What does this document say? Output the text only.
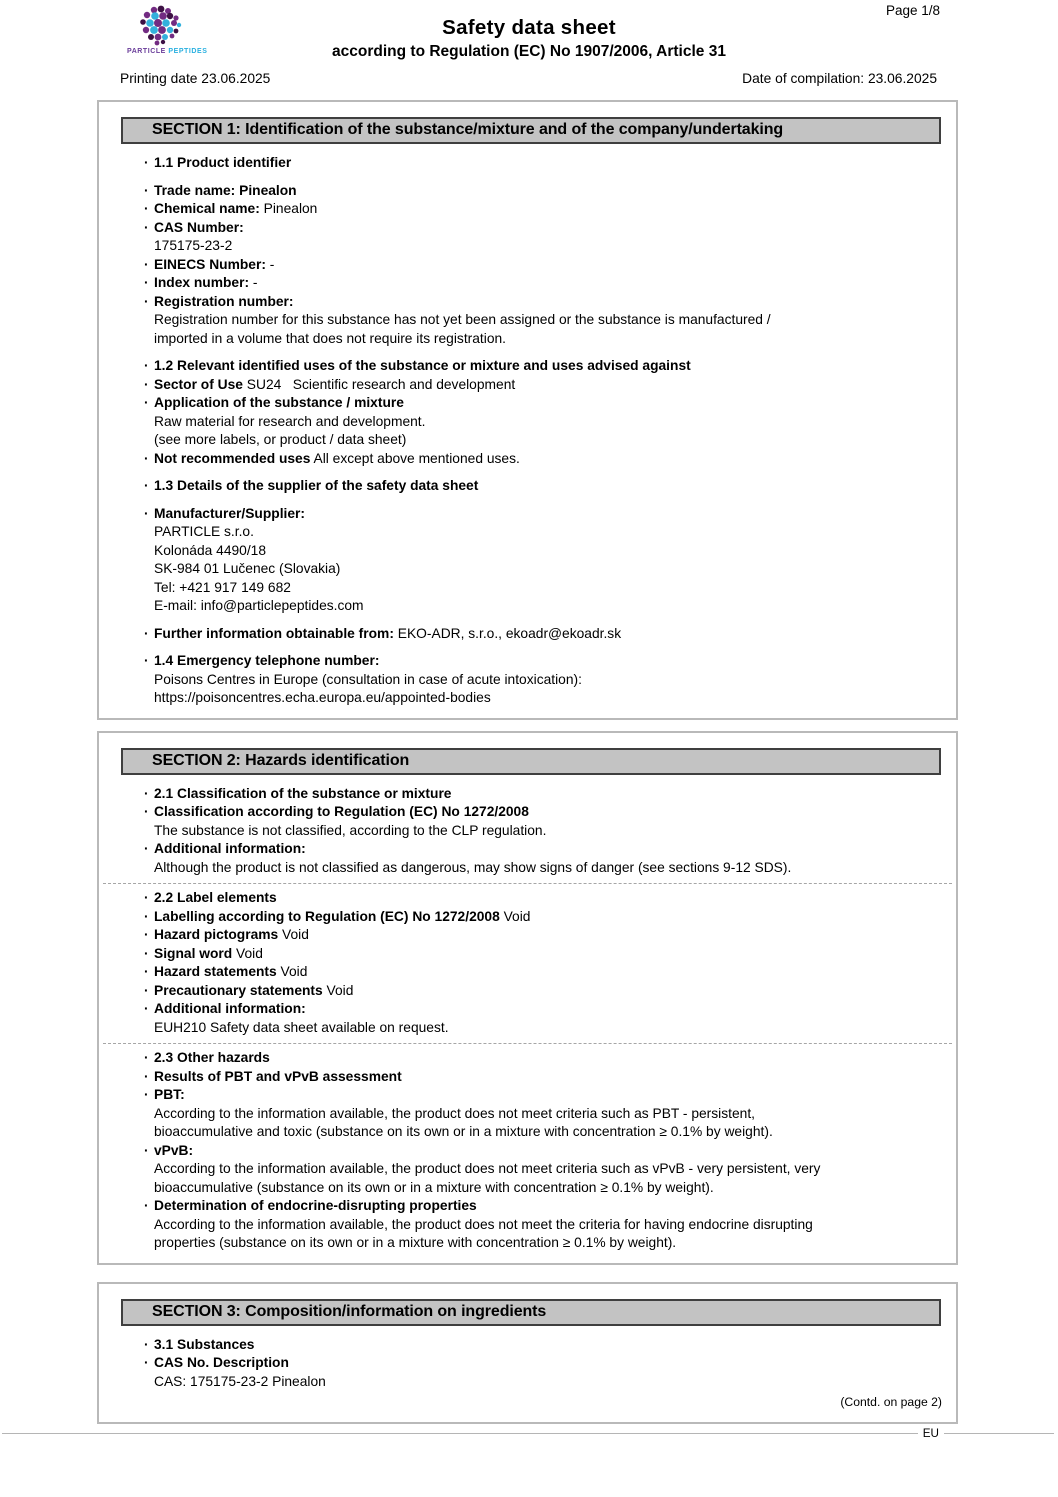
Page 1/8
PARTICLE PEPTIDES
Safety data sheet
according to Regulation (EC) No 1907/2006, Article 31
Printing date 23.06.2025	Date of compilation: 23.06.2025
SECTION 1: Identification of the substance/mixture and of the company/undertaking
· 1.1 Product identifier
· Trade name: Pinealon
· Chemical name: Pinealon
· CAS Number:
175175-23-2
· EINECS Number: -
· Index number: -
· Registration number:
Registration number for this substance has not yet been assigned or the substance is manufactured /
imported in a volume that does not require its registration.
· 1.2 Relevant identified uses of the substance or mixture and uses advised against
· Sector of Use SU24   Scientific research and development
· Application of the substance / mixture
Raw material for research and development.
(see more labels, or product / data sheet)
· Not recommended uses All except above mentioned uses.
· 1.3 Details of the supplier of the safety data sheet
· Manufacturer/Supplier:
PARTICLE s.r.o.
Kolonáda 4490/18
SK-984 01 Lučenec (Slovakia)
Tel: +421 917 149 682
E-mail: info@particlepeptides.com
· Further information obtainable from: EKO-ADR, s.r.o., ekoadr@ekoadr.sk
· 1.4 Emergency telephone number:
Poisons Centres in Europe (consultation in case of acute intoxication):
https://poisoncentres.echa.europa.eu/appointed-bodies
SECTION 2: Hazards identification
· 2.1 Classification of the substance or mixture
· Classification according to Regulation (EC) No 1272/2008
The substance is not classified, according to the CLP regulation.
· Additional information:
Although the product is not classified as dangerous, may show signs of danger (see sections 9-12 SDS).
· 2.2 Label elements
· Labelling according to Regulation (EC) No 1272/2008 Void
· Hazard pictograms Void
· Signal word Void
· Hazard statements Void
· Precautionary statements Void
· Additional information:
EUH210 Safety data sheet available on request.
· 2.3 Other hazards
· Results of PBT and vPvB assessment
· PBT:
According to the information available, the product does not meet criteria such as PBT - persistent,
bioaccumulative and toxic (substance on its own or in a mixture with concentration ≥ 0.1% by weight).
· vPvB:
According to the information available, the product does not meet criteria such as vPvB - very persistent, very
bioaccumulative (substance on its own or in a mixture with concentration ≥ 0.1% by weight).
· Determination of endocrine-disrupting properties
According to the information available, the product does not meet the criteria for having endocrine disrupting
properties (substance on its own or in a mixture with concentration ≥ 0.1% by weight).
SECTION 3: Composition/information on ingredients
· 3.1 Substances
· CAS No. Description
CAS: 175175-23-2 Pinealon
(Contd. on page 2)
EU
